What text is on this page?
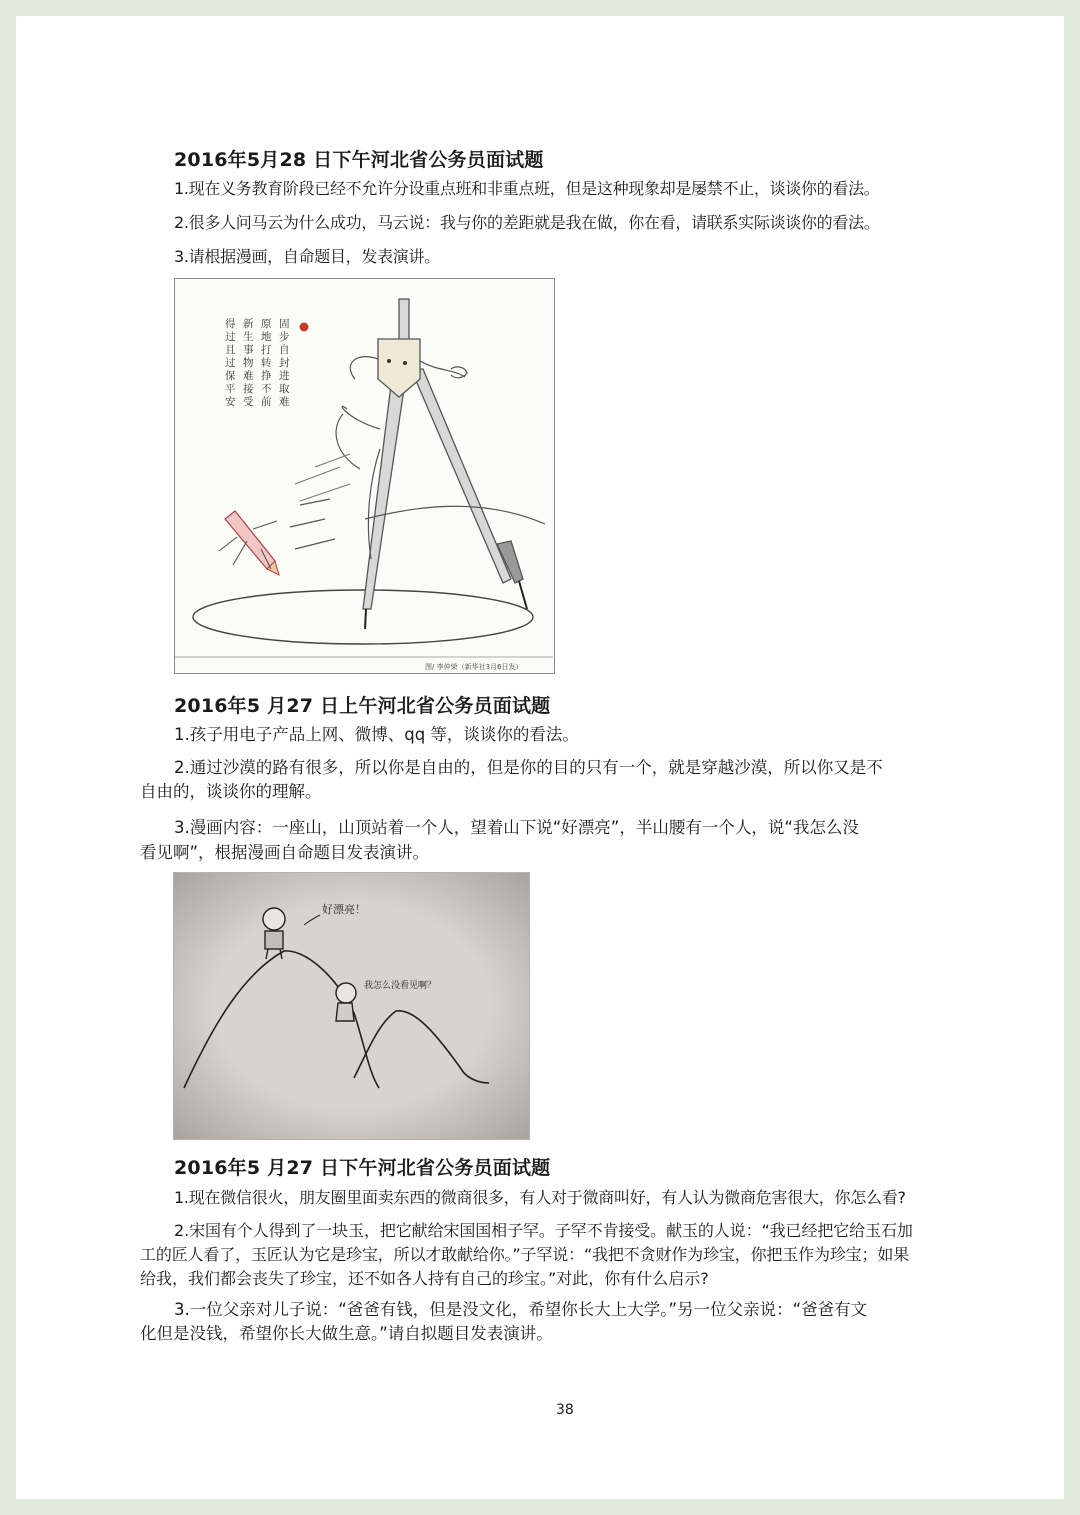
2016年5月28 日下午河北省公务员面试题
1.现在义务教育阶段已经不允许分设重点班和非重点班，但是这种现象却是屡禁不止，谈谈你的看法。
2.很多人问马云为什么成功，马云说：我与你的差距就是我在做，你在看，请联系实际谈谈你的看法。
3.请根据漫画，自命题目，发表演讲。
得过且过保平安
新生事物难接受
原地打转挣不前
固步自封进取难
图/ 李仲荣（新华社3月6日发）
2016年5 月27 日上午河北省公务员面试题
1.孩子用电子产品上网、微博、qq 等，谈谈你的看法。
2.通过沙漠的路有很多，所以你是自由的，但是你的目的只有一个，就是穿越沙漠，所以你又是不
自由的，谈谈你的理解。
3.漫画内容：一座山，山顶站着一个人，望着山下说“好漂亮”，半山腰有一个人，说“我怎么没
看见啊”，根据漫画自命题目发表演讲。
好漂亮！
我怎么没看见啊？
2016年5 月27 日下午河北省公务员面试题
1.现在微信很火，朋友圈里面卖东西的微商很多，有人对于微商叫好，有人认为微商危害很大，你怎么看?
2.宋国有个人得到了一块玉，把它献给宋国国相子罕。子罕不肯接受。献玉的人说：“我已经把它给玉石加
工的匠人看了，玉匠认为它是珍宝，所以才敢献给你。”子罕说：“我把不贪财作为珍宝，你把玉作为珍宝；如果
给我，我们都会丧失了珍宝，还不如各人持有自己的珍宝。”对此，你有什么启示?
3.一位父亲对儿子说：“爸爸有钱，但是没文化，希望你长大上大学。”另一位父亲说：“爸爸有文
化但是没钱，希望你长大做生意。”请自拟题目发表演讲。
38
